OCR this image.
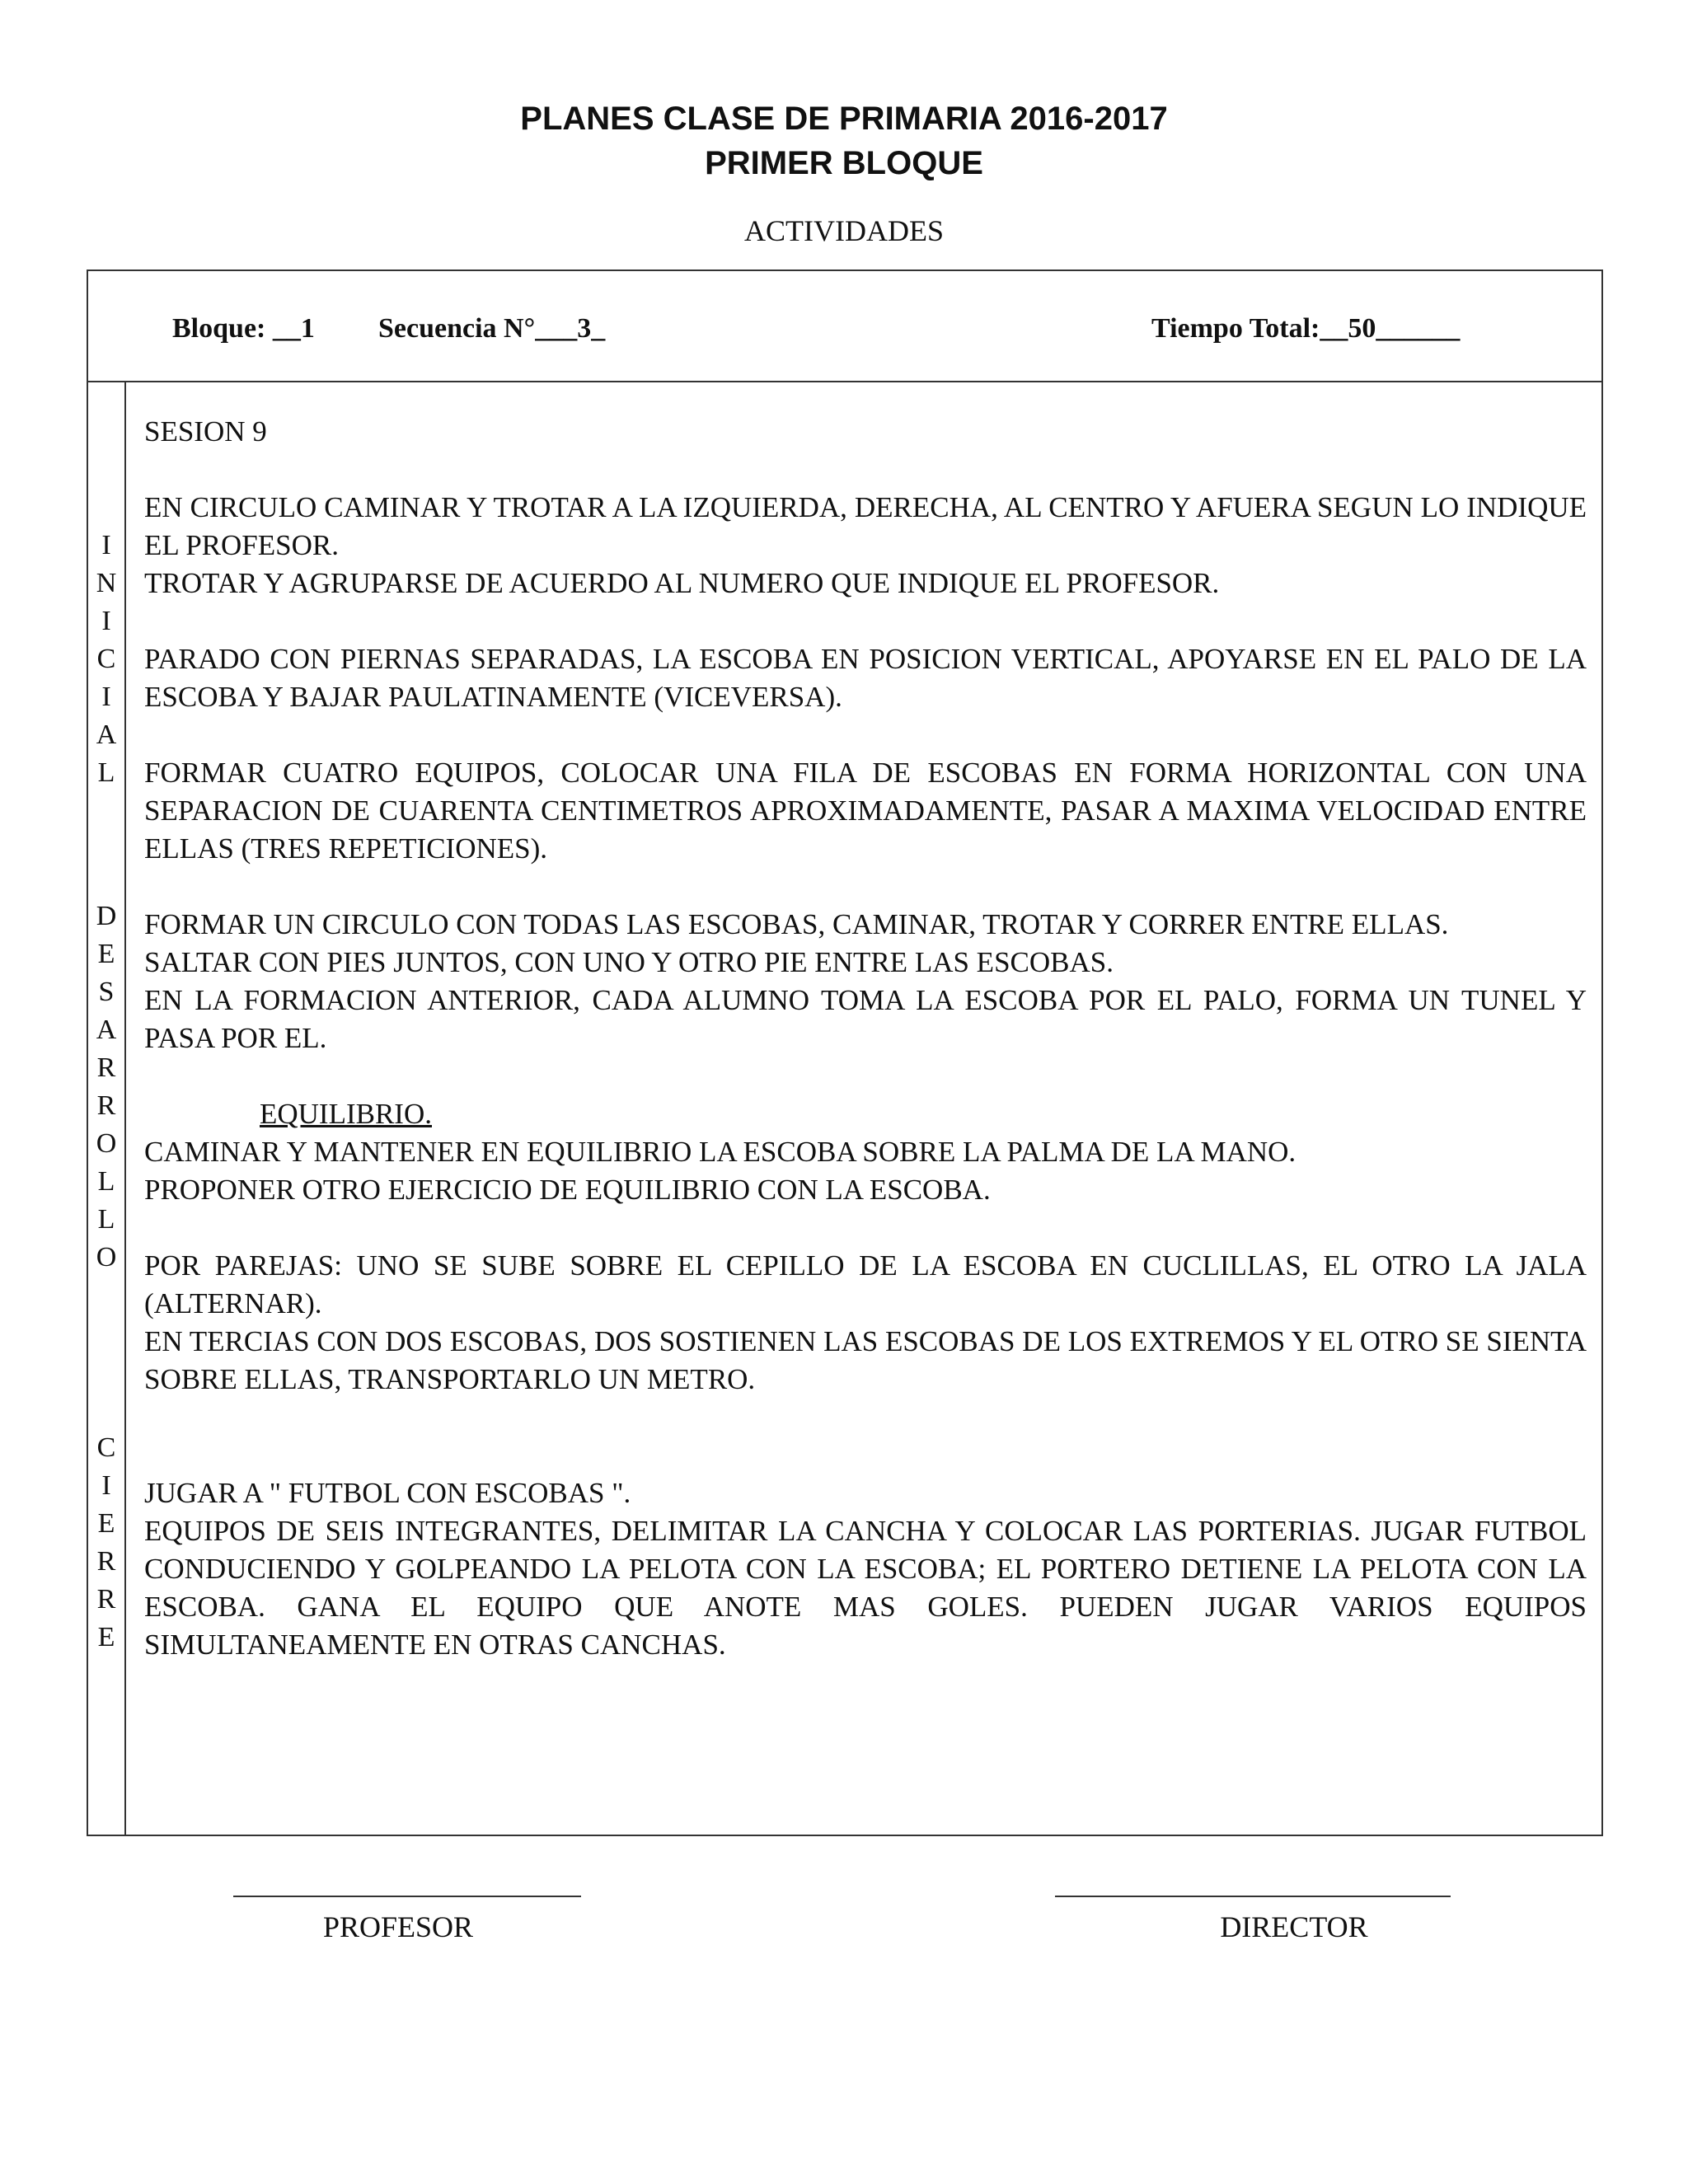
PLANES CLASE DE PRIMARIA 2016-2017
PRIMER BLOQUE
ACTIVIDADES
Bloque: __1 Secuencia N°___3_	Tiempo Total:__50______
I
N
I
C
I
A
L
D
E
S
A
R
R
O
L
L
O
C
I
E
R
R
E

SESION 9

EN CIRCULO CAMINAR Y TROTAR A LA IZQUIERDA, DERECHA, AL CENTRO Y AFUERA SEGUN LO INDIQUE EL PROFESOR.

TROTAR Y AGRUPARSE DE ACUERDO AL NUMERO QUE INDIQUE EL PROFESOR.

PARADO CON PIERNAS SEPARADAS, LA ESCOBA EN POSICION VERTICAL, APOYARSE EN EL PALO DE LA ESCOBA Y BAJAR PAULATINAMENTE (VICEVERSA).

FORMAR CUATRO EQUIPOS, COLOCAR UNA FILA DE ESCOBAS EN FORMA HORIZONTAL CON UNA SEPARACION DE CUARENTA CENTIMETROS APROXIMADAMENTE, PASAR A MAXIMA VELOCIDAD ENTRE ELLAS (TRES REPETICIONES).

FORMAR UN CIRCULO CON TODAS LAS ESCOBAS, CAMINAR, TROTAR Y CORRER ENTRE ELLAS.

SALTAR CON PIES JUNTOS, CON UNO Y OTRO PIE ENTRE LAS ESCOBAS.

EN LA FORMACION ANTERIOR, CADA ALUMNO TOMA LA ESCOBA POR EL PALO, FORMA UN TUNEL Y PASA POR EL.

EQUILIBRIO.

CAMINAR Y MANTENER EN EQUILIBRIO LA ESCOBA SOBRE LA PALMA DE LA MANO.

PROPONER OTRO EJERCICIO DE EQUILIBRIO CON LA ESCOBA.

POR PAREJAS: UNO SE SUBE SOBRE EL CEPILLO DE LA ESCOBA EN CUCLILLAS, EL OTRO LA JALA (ALTERNAR).

EN TERCIAS CON DOS ESCOBAS, DOS SOSTIENEN LAS ESCOBAS DE LOS EXTREMOS Y EL OTRO SE SIENTA SOBRE ELLAS, TRANSPORTARLO UN METRO.

JUGAR A " FUTBOL CON ESCOBAS ".

EQUIPOS DE SEIS INTEGRANTES, DELIMITAR LA CANCHA Y COLOCAR LAS PORTERIAS. JUGAR FUTBOL CONDUCIENDO Y GOLPEANDO LA PELOTA CON LA ESCOBA; EL PORTERO DETIENE LA PELOTA CON LA ESCOBA. GANA EL EQUIPO QUE ANOTE MAS GOLES. PUEDEN JUGAR VARIOS EQUIPOS SIMULTANEAMENTE EN OTRAS CANCHAS.

PROFESOR	DIRECTOR
